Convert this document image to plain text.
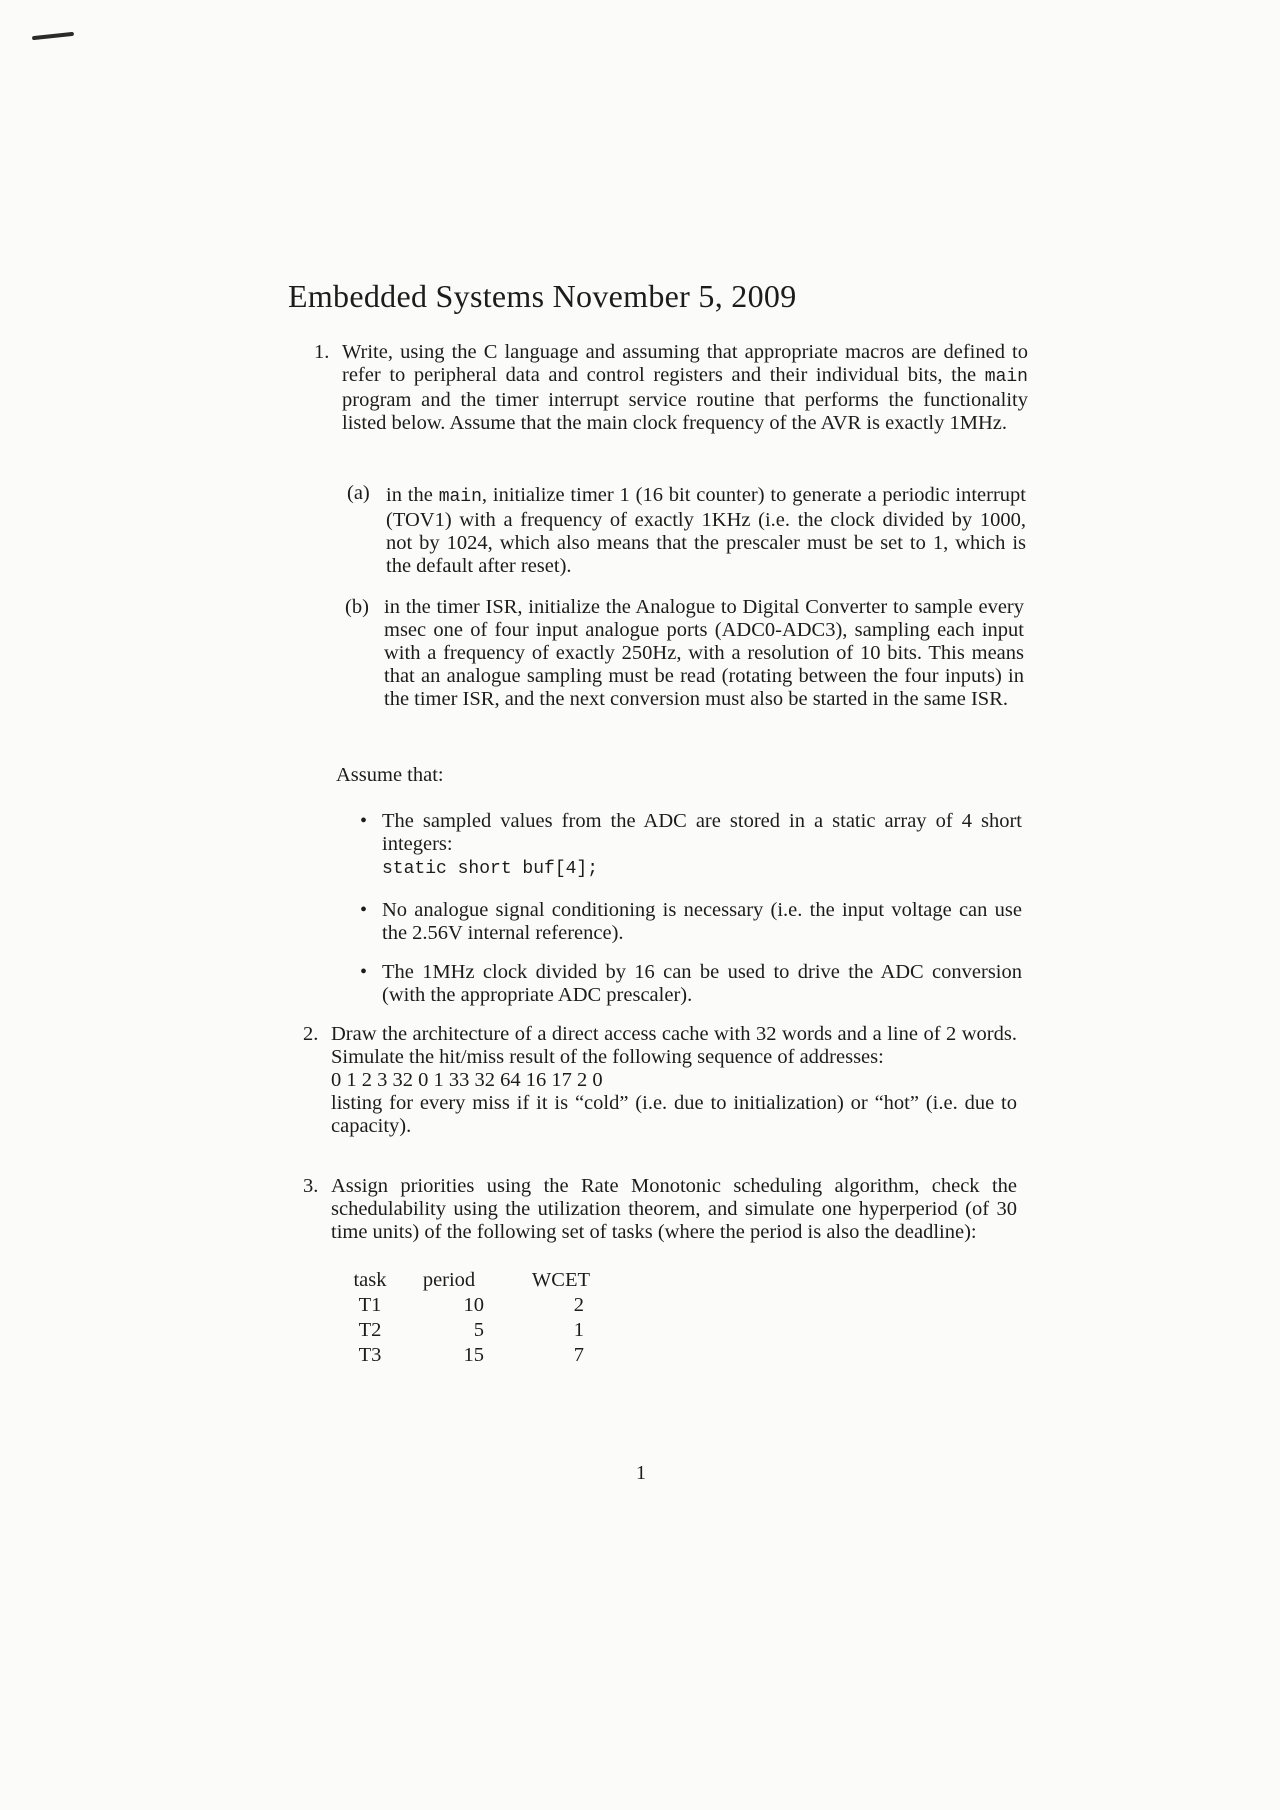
Embedded Systems November 5, 2009
1. Write, using the C language and assuming that appropriate macros are defined to refer to peripheral data and control registers and their individual bits, the main program and the timer interrupt service routine that performs the functionality listed below. Assume that the main clock frequency of the AVR is exactly 1MHz.
(a) in the main, initialize timer 1 (16 bit counter) to generate a periodic interrupt (TOV1) with a frequency of exactly 1KHz (i.e. the clock divided by 1000, not by 1024, which also means that the prescaler must be set to 1, which is the default after reset).
(b) in the timer ISR, initialize the Analogue to Digital Converter to sample every msec one of four input analogue ports (ADC0-ADC3), sampling each input with a frequency of exactly 250Hz, with a resolution of 10 bits. This means that an analogue sampling must be read (rotating between the four inputs) in the timer ISR, and the next conversion must also be started in the same ISR.
Assume that:
• The sampled values from the ADC are stored in a static array of 4 short integers:
static short buf[4];
• No analogue signal conditioning is necessary (i.e. the input voltage can use the 2.56V internal reference).
• The 1MHz clock divided by 16 can be used to drive the ADC conversion (with the appropriate ADC prescaler).
2. Draw the architecture of a direct access cache with 32 words and a line of 2 words. Simulate the hit/miss result of the following sequence of addresses:
0 1 2 3 32 0 1 33 32 64 16 17 2 0
listing for every miss if it is “cold” (i.e. due to initialization) or “hot” (i.e. due to capacity).
3. Assign priorities using the Rate Monotonic scheduling algorithm, check the schedulability using the utilization theorem, and simulate one hyperperiod (of 30 time units) of the following set of tasks (where the period is also the deadline):
task	period	WCET
T1	10	2
T2	5	1
T3	15	7
1
